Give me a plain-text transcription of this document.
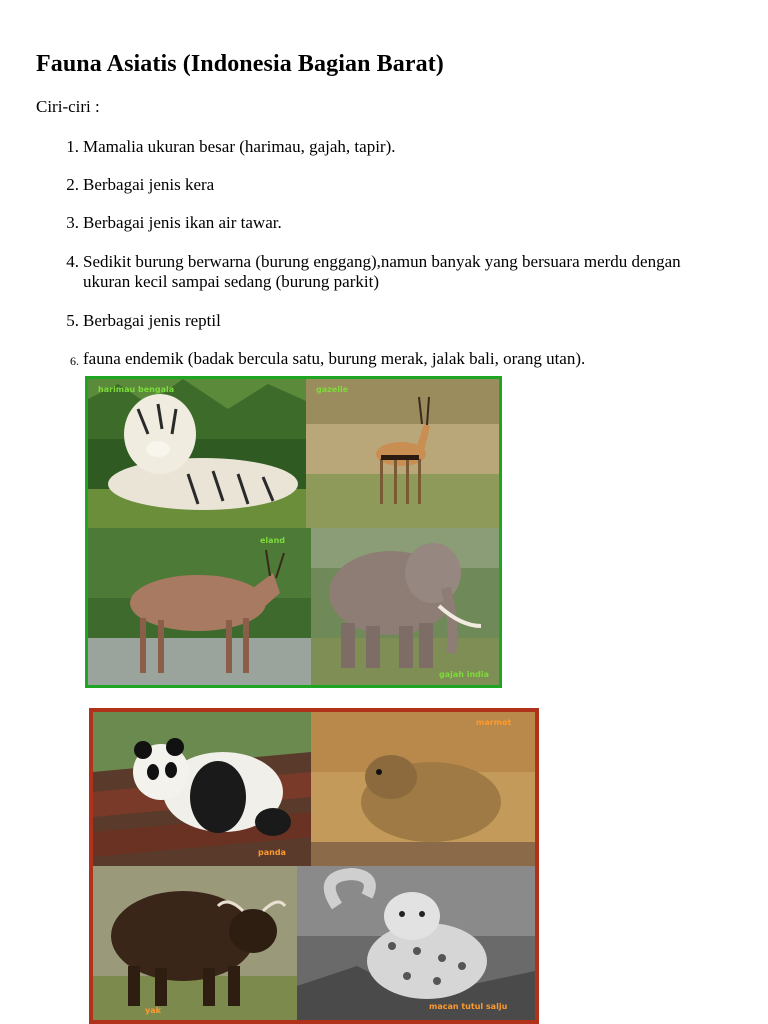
Fauna Asiatis (Indonesia Bagian Barat)
Ciri-ciri :
1. Mamalia ukuran besar (harimau, gajah, tapir).
2. Berbagai jenis kera
3. Berbagai jenis ikan air tawar.
4. Sedikit burung berwarna (burung enggang),namun banyak yang bersuara merdu dengan ukuran kecil sampai sedang (burung parkit)
5. Berbagai jenis reptil
6. fauna endemik (badak bercula satu, burung merak, jalak bali, orang utan).
harimau bengala	gazelle
eland
gajah india
panda
marmot
yak	macan tutul salju
